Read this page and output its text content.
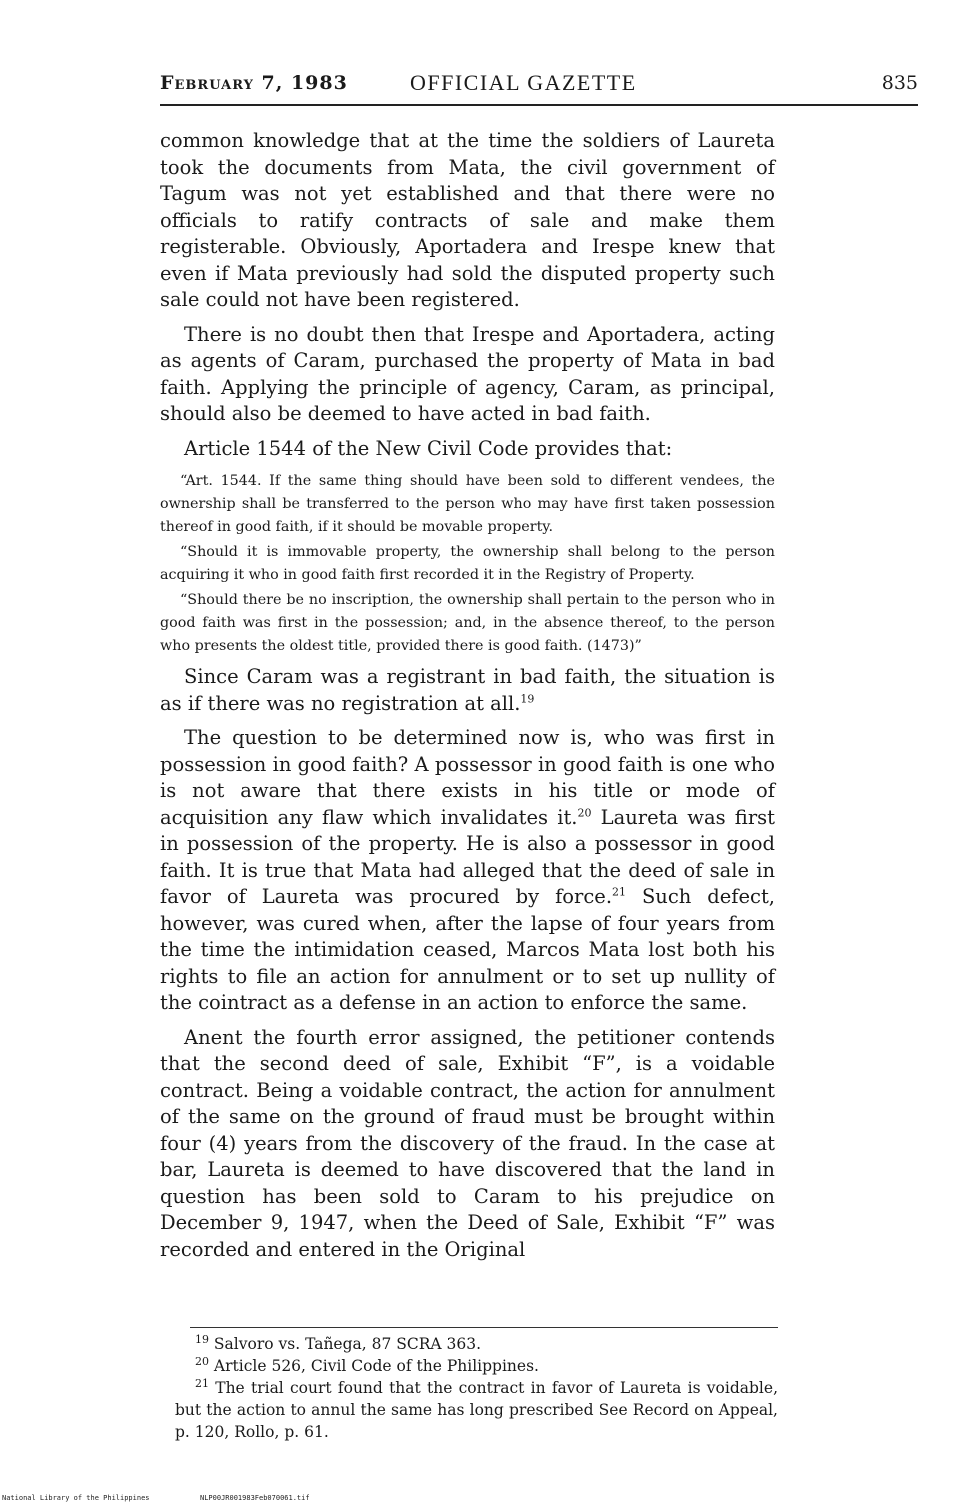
February 7, 1983	OFFICIAL GAZETTE	835

common knowledge that at the time the soldiers of Laureta took the documents from Mata, the civil government of Tagum was not yet established and that there were no officials to ratify contracts of sale and make them registerable. Obviously, Aportadera and Irespe knew that even if Mata previously had sold the disputed property such sale could not have been registered.

There is no doubt then that Irespe and Aportadera, acting as agents of Caram, purchased the property of Mata in bad faith. Applying the principle of agency, Caram, as principal, should also be deemed to have acted in bad faith.

Article 1544 of the New Civil Code provides that:

“Art. 1544. If the same thing should have been sold to different vendees, the ownership shall be transferred to the person who may have first taken possession thereof in good faith, if it should be movable property.

“Should it is immovable property, the ownership shall belong to the person acquiring it who in good faith first recorded it in the Registry of Property.

“Should there be no inscription, the ownership shall pertain to the person who in good faith was first in the possession; and, in the absence thereof, to the person who presents the oldest title, provided there is good faith. (1473)”

Since Caram was a registrant in bad faith, the situation is as if there was no registration at all.$^{19}$

The question to be determined now is, who was first in possession in good faith? A possessor in good faith is one who is not aware that there exists in his title or mode of acquisition any flaw which invalidates it.$^{20}$ Laureta was first in possession of the property. He is also a possessor in good faith. It is true that Mata had alleged that the deed of sale in favor of Laureta was procured by force.$^{21}$ Such defect, however, was cured when, after the lapse of four years from the time the intimidation ceased, Marcos Mata lost both his rights to file an action for annulment or to set up nullity of the cointract as a defense in an action to enforce the same.

Anent the fourth error assigned, the petitioner contends that the second deed of sale, Exhibit “F”, is a voidable contract. Being a voidable contract, the action for annulment of the same on the ground of fraud must be brought within four (4) years from the discovery of the fraud. In the case at bar, Laureta is deemed to have discovered that the land in question has been sold to Caram to his prejudice on December 9, 1947, when the Deed of Sale, Exhibit “F” was recorded and entered in the Original

$^{19}$ Salvoro vs. Tañega, 87 SCRA 363.

$^{20}$ Article 526, Civil Code of the Philippines.

$^{21}$ The trial court found that the contract in favor of Laureta is voidable, but the action to annul the same has long prescribed See Record on Appeal, p. 120, Rollo, p. 61.

National Library of the Philippines	NLP00JR001983Feb070061.tif
